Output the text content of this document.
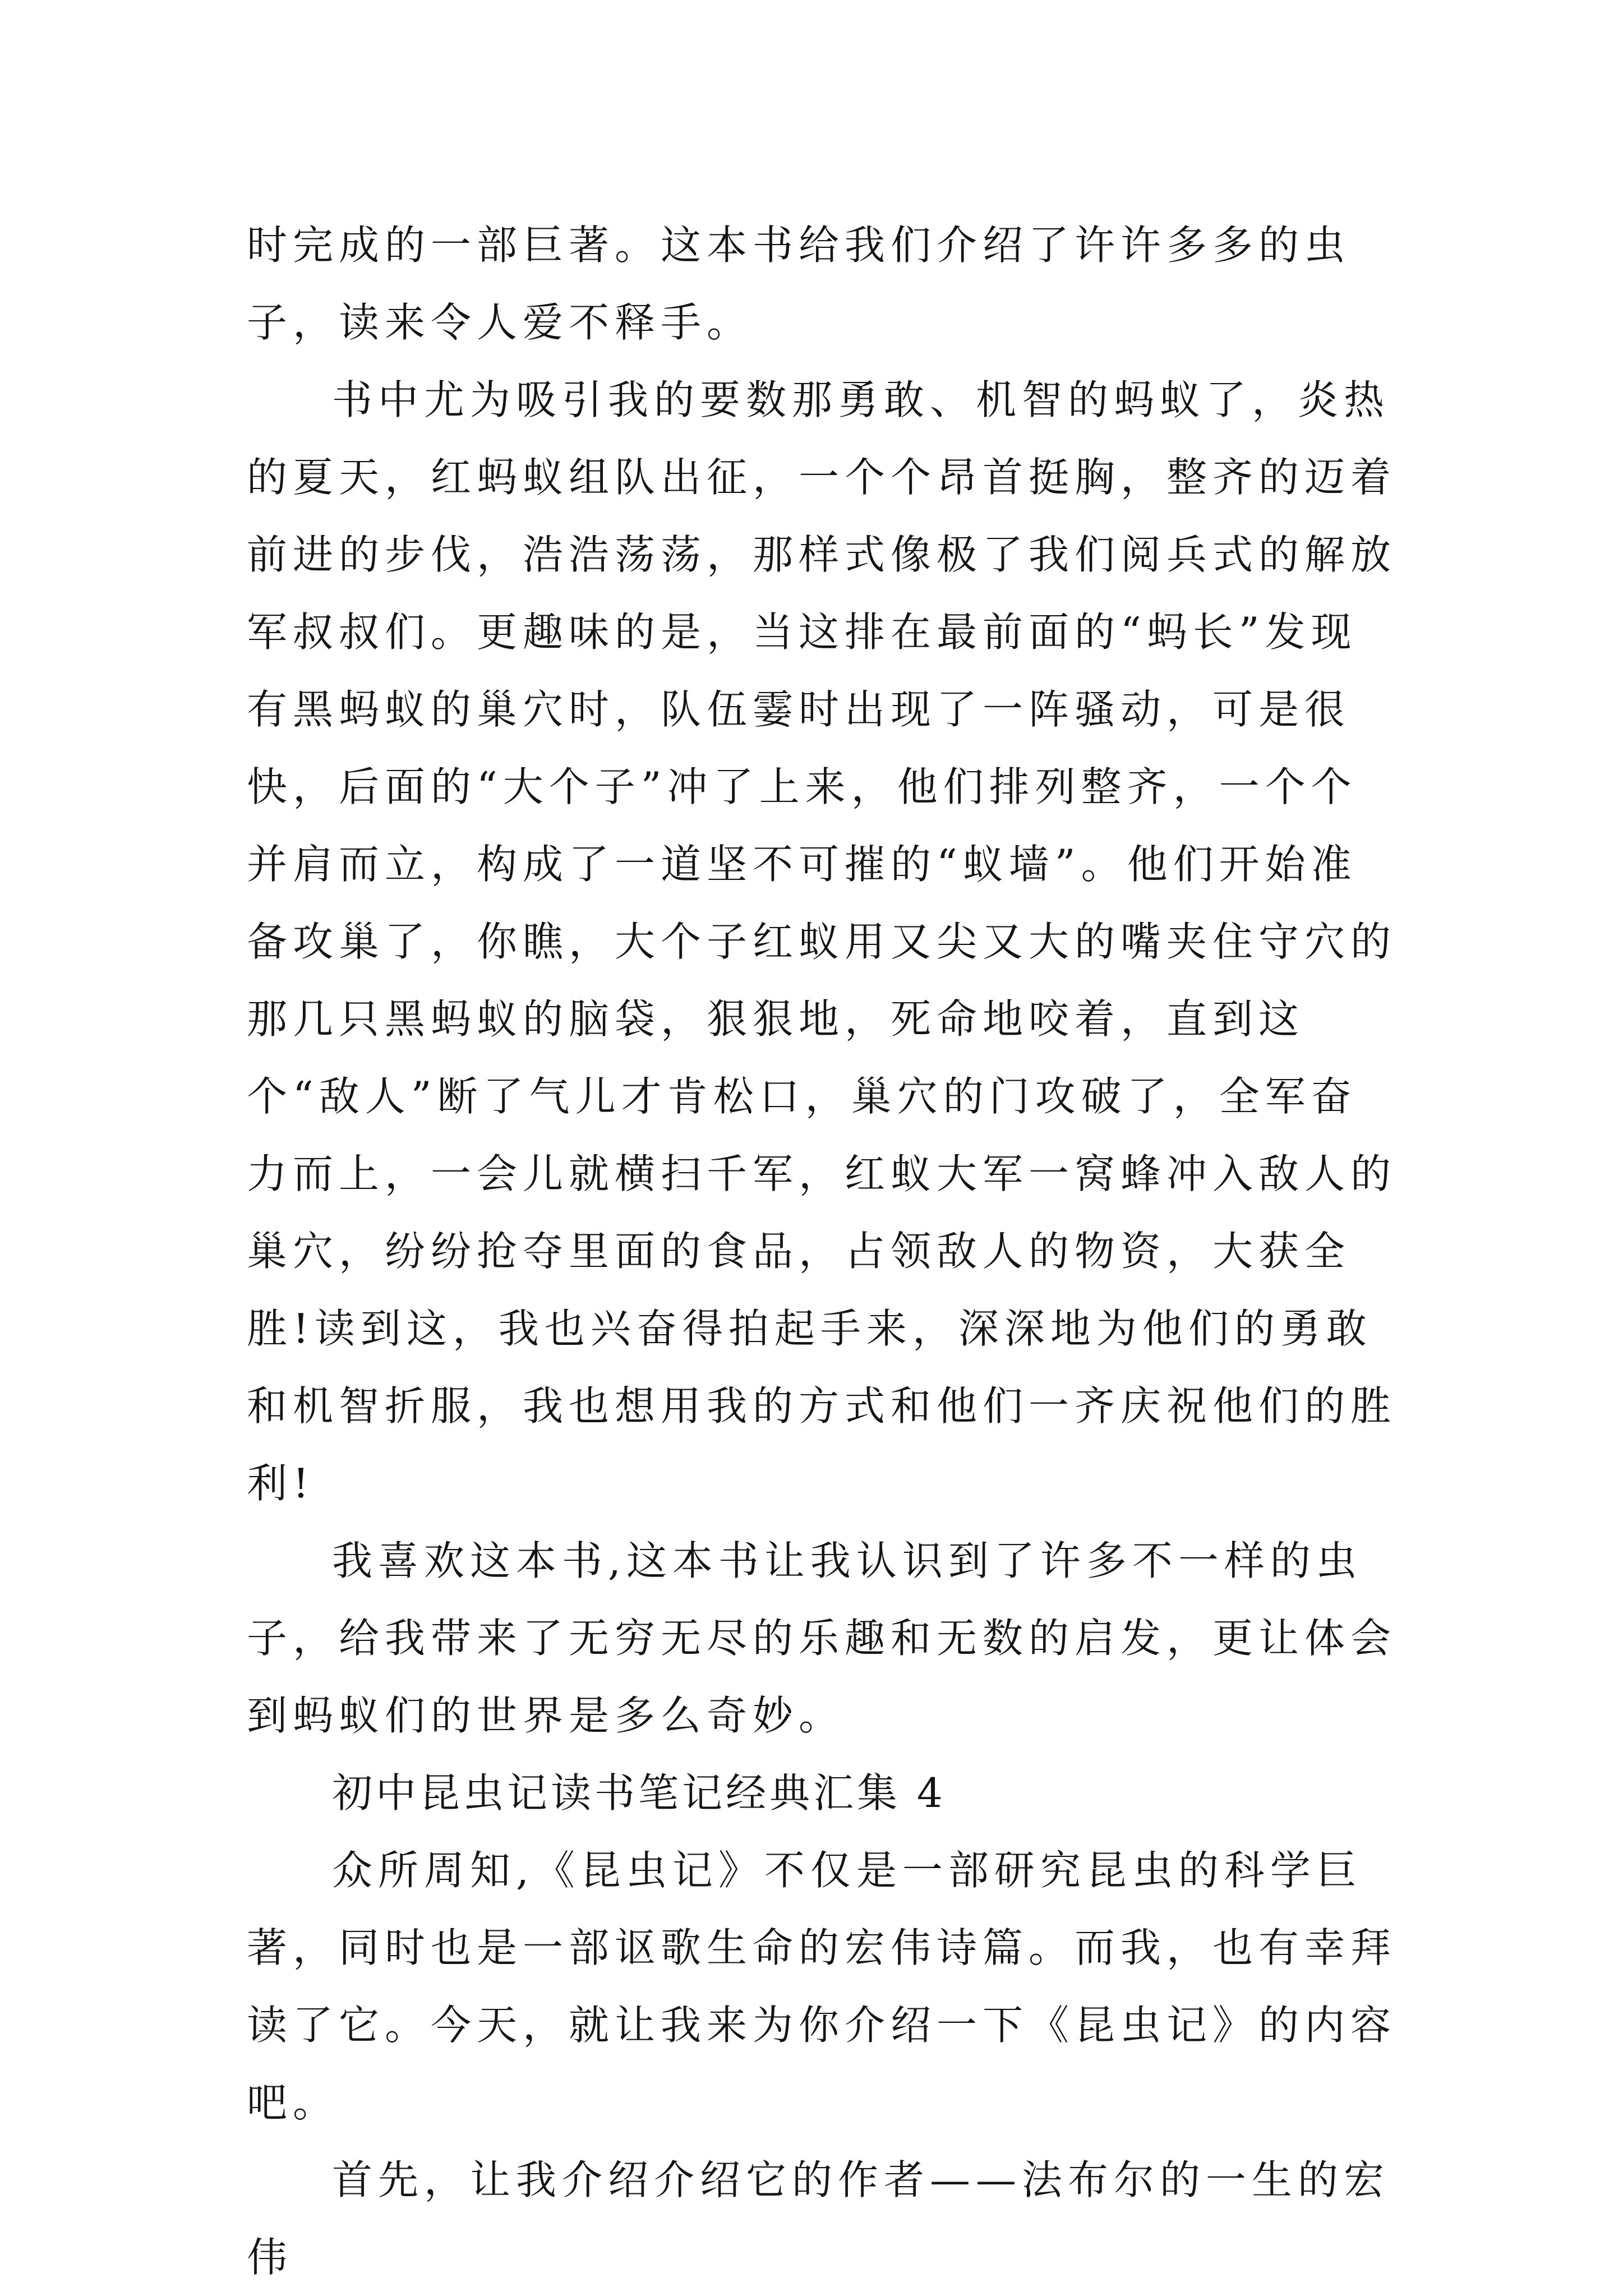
时完成的一部巨著。这本书给我们介绍了许许多多的虫子，读来令人爱不释手。

书中尤为吸引我的要数那勇敢、机智的蚂蚁了，炎热的夏天，红蚂蚁组队出征，一个个昂首挺胸，整齐的迈着前进的步伐，浩浩荡荡，那样式像极了我们阅兵式的解放军叔叔们。更趣味的是，当这排在最前面的“蚂长”发现有黑蚂蚁的巢穴时，队伍霎时出现了一阵骚动，可是很快，后面的“大个子”冲了上来，他们排列整齐，一个个并肩而立，构成了一道坚不可摧的“蚁墙”。他们开始准备攻巢了，你瞧，大个子红蚁用又尖又大的嘴夹住守穴的那几只黑蚂蚁的脑袋，狠狠地，死命地咬着，直到这个“敌人”断了气儿才肯松口，巢穴的门攻破了，全军奋力而上，一会儿就横扫千军，红蚁大军一窝蜂冲入敌人的巢穴，纷纷抢夺里面的食品，占领敌人的物资，大获全胜!读到这，我也兴奋得拍起手来，深深地为他们的勇敢和机智折服，我也想用我的方式和他们一齐庆祝他们的胜利!

我喜欢这本书,这本书让我认识到了许多不一样的虫子，给我带来了无穷无尽的乐趣和无数的启发，更让体会到蚂蚁们的世界是多么奇妙。

初中昆虫记读书笔记经典汇集 4

众所周知,《昆虫记》不仅是一部研究昆虫的科学巨著，同时也是一部讴歌生命的宏伟诗篇。而我，也有幸拜读了它。今天，就让我来为你介绍一下《昆虫记》的内容吧。

首先，让我介绍介绍它的作者——法布尔的一生的宏伟
